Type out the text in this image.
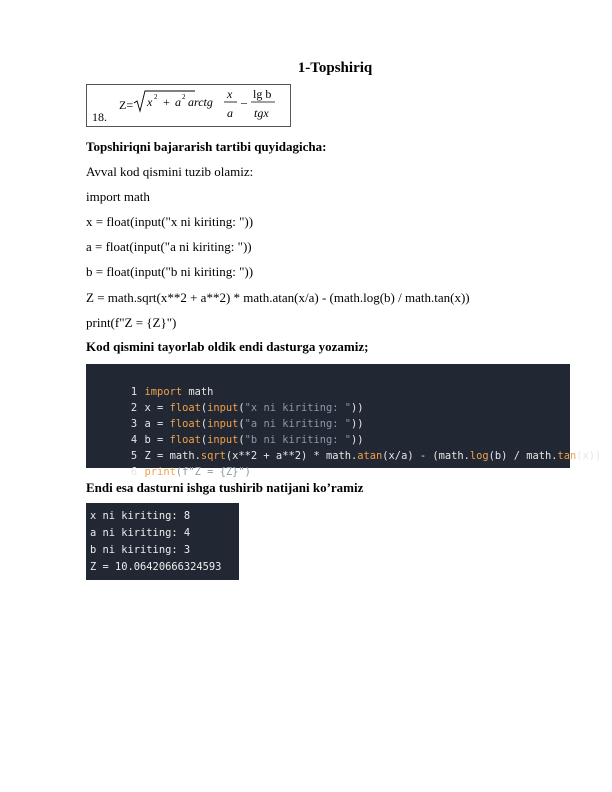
1-Topshiriq
Z= x 2 + a 2 arctg
x
a
–
lg b
tgx
18.
Topshiriqni bajararish tartibi quyidagicha:
Avval kod qismini tuzib olamiz:
import math
x = float(input("x ni kiriting: "))
a = float(input("a ni kiriting: "))
b = float(input("b ni kiriting: "))
Z = math.sqrt(x**2 + a**2) * math.atan(x/a) - (math.log(b) / math.tan(x))
print(f"Z = {Z}")
Kod qismini tayorlab oldik endi dasturga yozamiz;

1 import math

2 x = float(input("x ni kiriting: "))

3 a = float(input("a ni kiriting: "))

4 b = float(input("b ni kiriting: "))

5 Z = math.sqrt(x**2 + a**2) * math.atan(x/a) - (math.log(b) / math.tan(x))

6 print(f"Z = {Z}")

Endi esa dasturni ishga tushirib natijani ko’ramiz
x ni kiriting: 8
a ni kiriting: 4
b ni kiriting: 3
Z = 10.06420666324593
